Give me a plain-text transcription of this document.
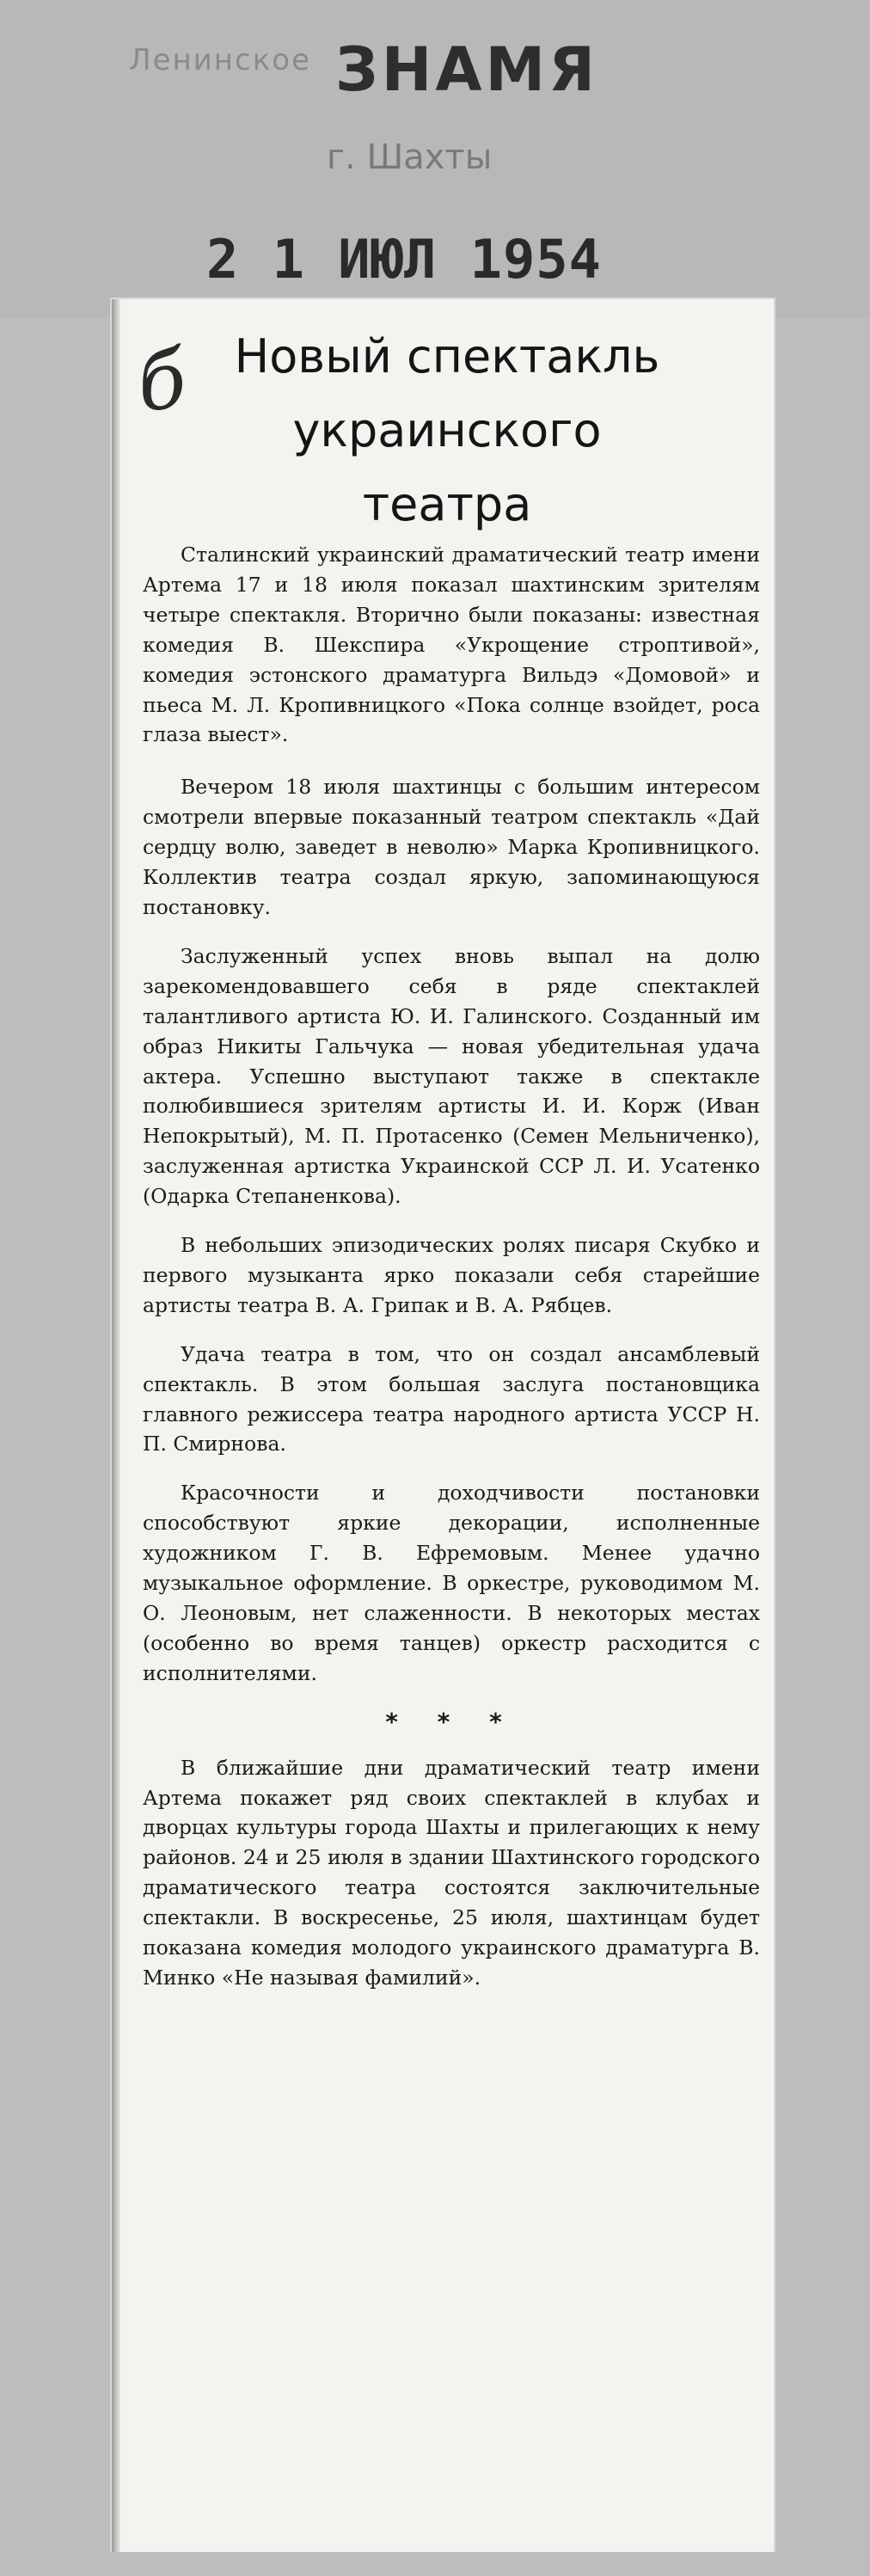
Ленинское ЗНАМЯ
г. Шахты
2 1 ИЮЛ 1954
б Новый спектакль
украинского
театра

Сталинский украинский драматический театр имени Артема 17 и 18 июля показал шахтинским зрителям четыре спектакля. Вторично были показаны: известная комедия В. Шекспира «Укрощение строптивой», комедия эстонского драматурга Вильдэ «Домовой» и пьеса М. Л. Кропивницкого «Пока солнце взойдет, роса глаза выест».

Вечером 18 июля шахтинцы с большим интересом смотрели впервые показанный театром спектакль «Дай сердцу волю, заведет в неволю» Марка Кропивницкого. Коллектив театра создал яркую, запоминающуюся постановку.

Заслуженный успех вновь выпал на долю зарекомендовавшего себя в ряде спектаклей талантливого артиста Ю. И. Галинского. Созданный им образ Никиты Гальчука — новая убедительная удача актера. Успешно выступают также в спектакле полюбившиеся зрителям артисты И. И. Корж (Иван Непокрытый), М. П. Протасенко (Семен Мельниченко), заслуженная артистка Украинской ССР Л. И. Усатенко (Одарка Степаненкова).

В небольших эпизодических ролях писаря Скубко и первого музыканта ярко показали себя старейшие артисты театра В. А. Грипак и В. А. Рябцев.

Удача театра в том, что он создал ансамблевый спектакль. В этом большая заслуга постановщика главного режиссера театра народного артиста УССР Н. П. Смирнова.

Красочности и доходчивости постановки способствуют яркие декорации, исполненные художником Г. В. Ефремовым. Менее удачно музыкальное оформление. В оркестре, руководимом М. О. Леоновым, нет слаженности. В некоторых местах (особенно во время танцев) оркестр расходится с исполнителями.

* * *

В ближайшие дни драматический театр имени Артема покажет ряд своих спектаклей в клубах и дворцах культуры города Шахты и прилегающих к нему районов. 24 и 25 июля в здании Шахтинского городского драматического театра состоятся заключительные спектакли. В воскресенье, 25 июля, шахтинцам будет показана комедия молодого украинского драматурга В. Минко «Не называя фамилий».
